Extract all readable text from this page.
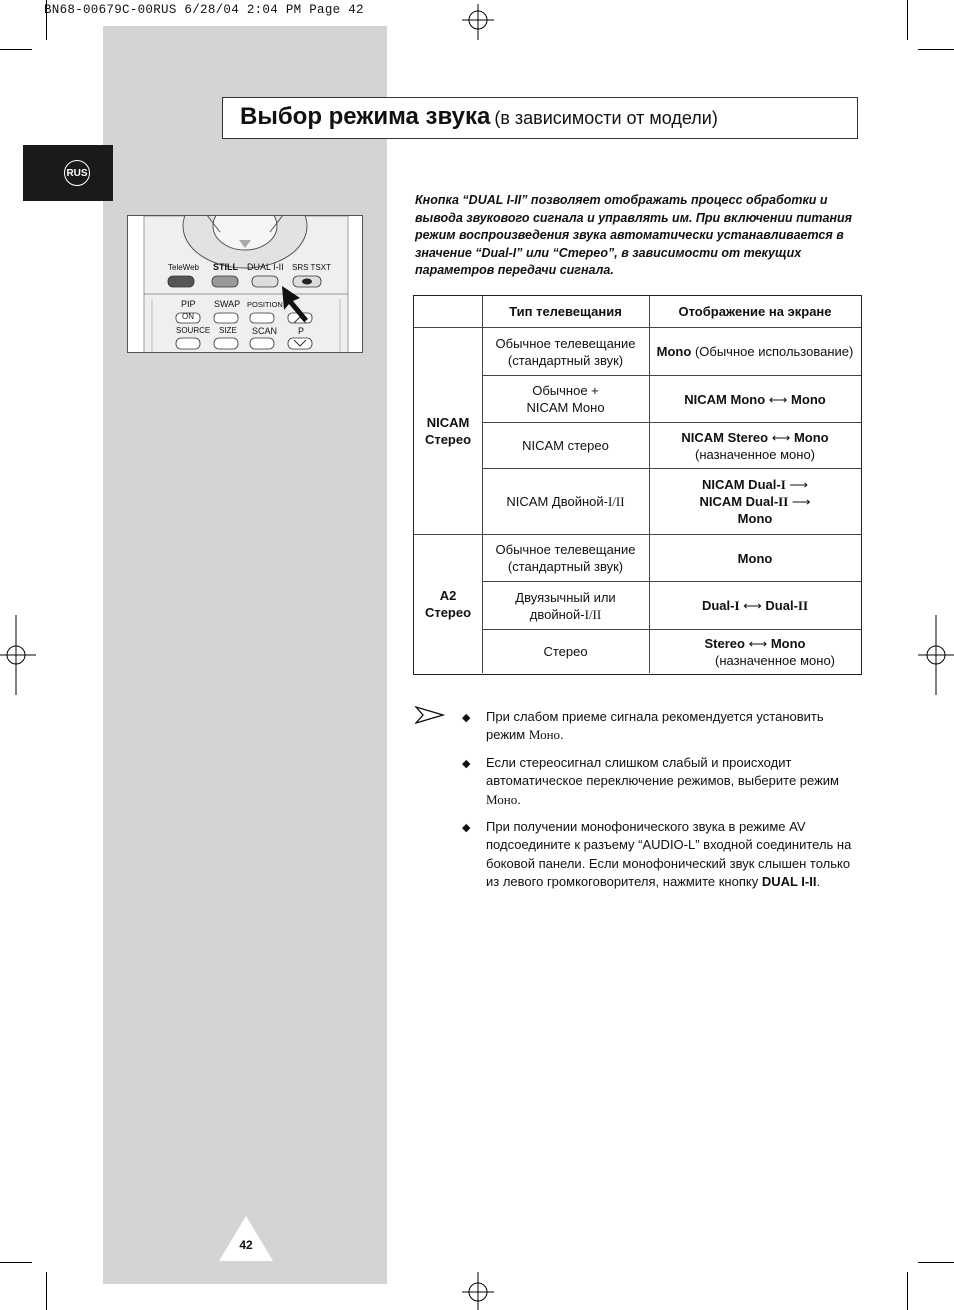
BN68-00679C-00RUS 6/28/04 2:04 PM Page 42
Выбор режима звука (в зависимости от модели)
RUS
TeleWeb STILL DUAL I-II SRS TSXT
PIP
ON
SWAP POSITION
P
SOURCE SIZE SCAN
Кнопка “DUAL I-II” позволяет отображать процесс обработки и вывода звукового сигнала и управлять им. При включении питания режим воспроизведения звука автоматически устанавливается в значение “Dual-I” или “Стерео”, в зависимости от текущих параметров передачи сигнала.
Тип телевещания	Отображение на экране
NICAM
Стерео
A2
Стерео
Обычное телевещание
(стандартный звук)
Mono (Обычное использование)
Обычное +
NICAM Моно
NICAM Mono ⟷ Mono
NICAM стерео
NICAM Stereo ⟷ Mono
(назначенное моно)
NICAM Двойной-I/II
NICAM Dual-I ⟶
NICAM Dual-II ⟶
Mono
Обычное телевещание
(стандартный звук)
Mono
Двуязычный или
двойной-I/II
Dual-I ⟷ Dual-II
Стерео
Stereo ⟷ Mono
(назначенное моно)
◆ При слабом приеме сигнала рекомендуется установить режим Моно.
◆ Если стереосигнал слишком слабый и происходит автоматическое переключение режимов, выберите режим Моно.
◆ При получении монофонического звука в режиме AV подсоедините к разъему “AUDIO-L” входной соединитель на боковой панели. Если монофонический звук слышен только из левого громкоговорителя, нажмите кнопку DUAL I-II.
42
